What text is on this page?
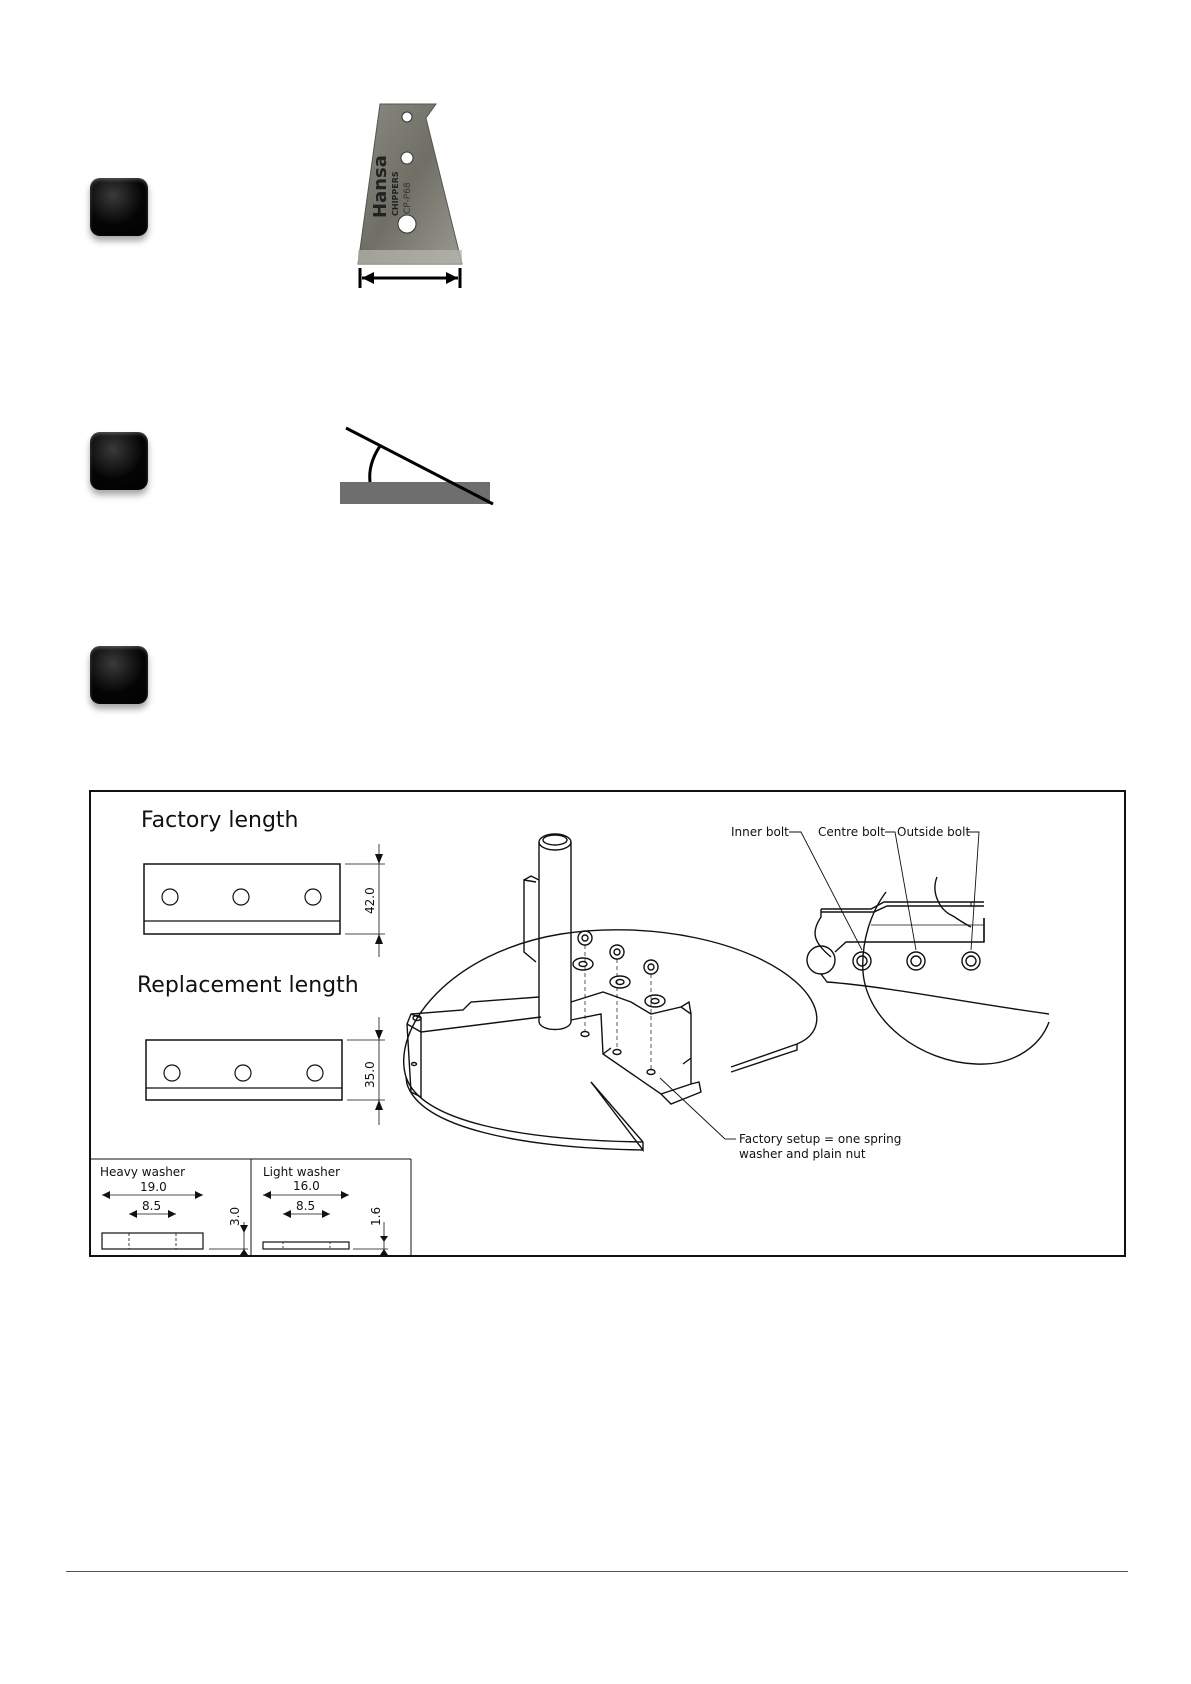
Hansa CHIPPERS CP-P68
Factory length
42.0
Replacement length
35.0
Heavy washer
19.0
8.5
3.0
Light washer
16.0
8.5
1.6
Factory setup = one spring
washer and plain nut
Inner bolt Centre bolt Outside bolt
